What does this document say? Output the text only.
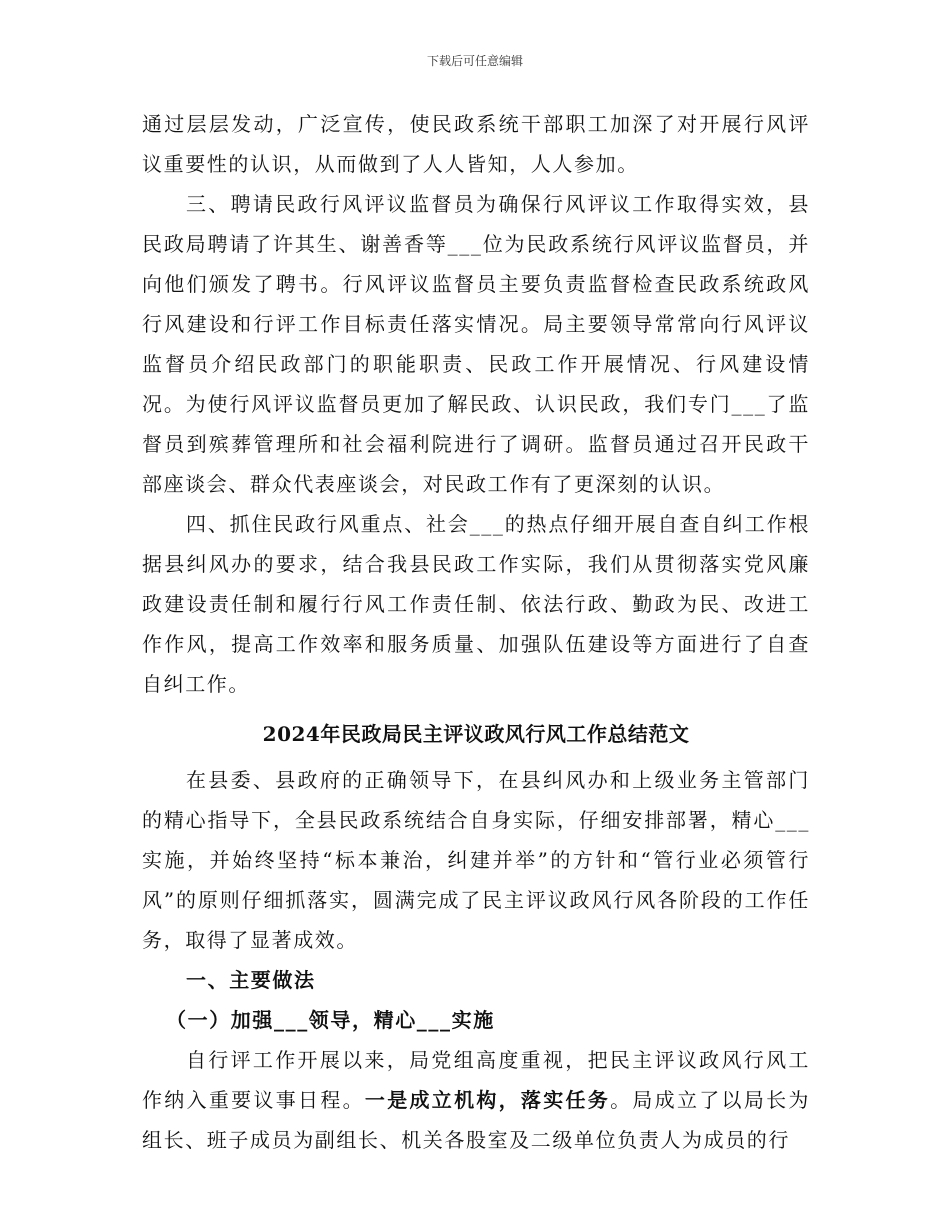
下载后可任意编辑

通过层层发动，广泛宣传，使民政系统干部职工加深了对开展行风评议重要性的认识，从而做到了人人皆知，人人参加。

三、聘请民政行风评议监督员为确保行风评议工作取得实效，县民政局聘请了许其生、谢善香等___位为民政系统行风评议监督员，并向他们颁发了聘书。行风评议监督员主要负责监督检查民政系统政风行风建设和行评工作目标责任落实情况。局主要领导常常向行风评议监督员介绍民政部门的职能职责、民政工作开展情况、行风建设情况。为使行风评议监督员更加了解民政、认识民政，我们专门___了监督员到殡葬管理所和社会福利院进行了调研。监督员通过召开民政干部座谈会、群众代表座谈会，对民政工作有了更深刻的认识。

四、抓住民政行风重点、社会___的热点仔细开展自查自纠工作根据县纠风办的要求，结合我县民政工作实际，我们从贯彻落实党风廉政建设责任制和履行行风工作责任制、依法行政、勤政为民、改进工作作风，提高工作效率和服务质量、加强队伍建设等方面进行了自查自纠工作。

2024年民政局民主评议政风行风工作总结范文

在县委、县政府的正确领导下，在县纠风办和上级业务主管部门的精心指导下，全县民政系统结合自身实际，仔细安排部署，精心___实施，并始终坚持“标本兼治，纠建并举”的方针和“管行业必须管行风”的原则仔细抓落实，圆满完成了民主评议政风行风各阶段的工作任务，取得了显著成效。

一、主要做法

（一）加强___领导，精心___实施

自行评工作开展以来，局党组高度重视，把民主评议政风行风工作纳入重要议事日程。一是成立机构，落实任务。局成立了以局长为组长、班子成员为副组长、机关各股室及二级单位负责人为成员的行
